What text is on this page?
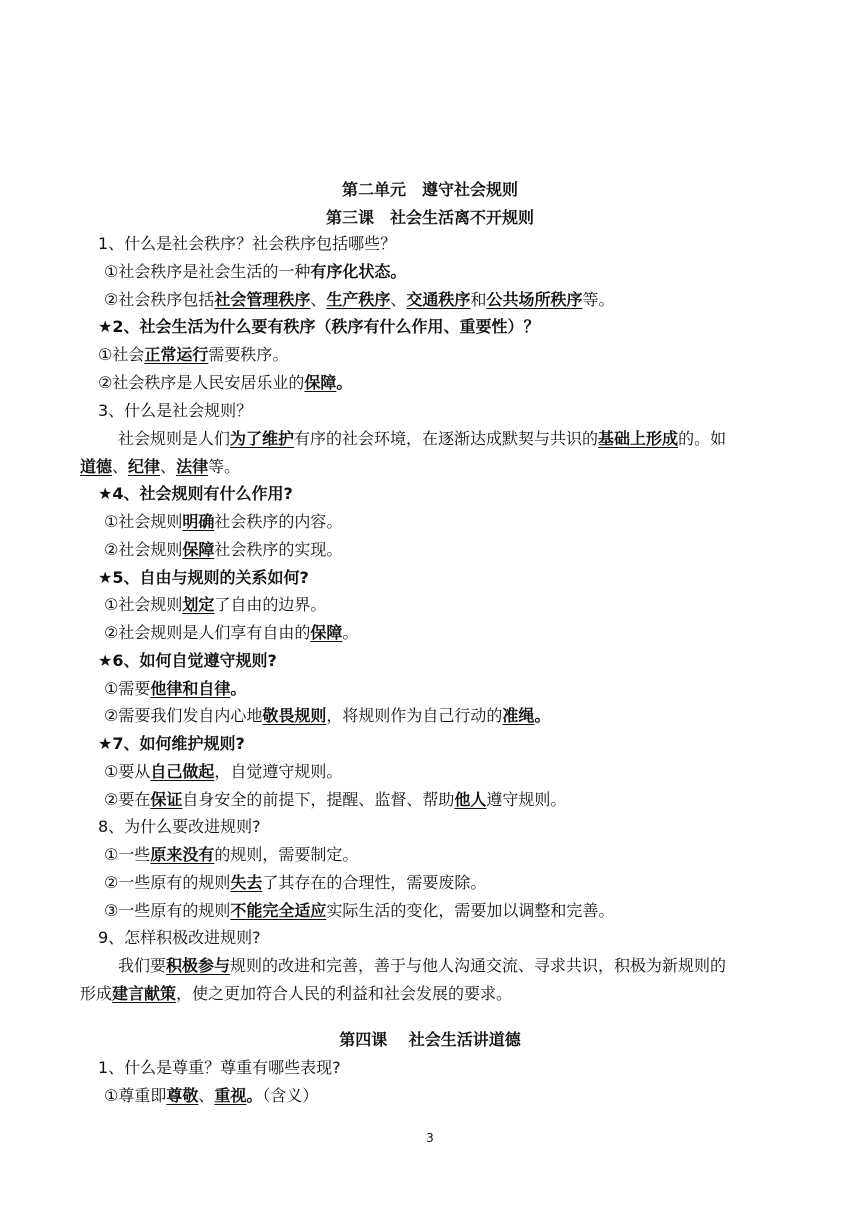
第二单元　遵守社会规则
第三课　社会生活离不开规则
第四课　 社会生活讲道德
1、什么是社会秩序？社会秩序包括哪些？
①社会秩序是社会生活的一种有序化状态。
②社会秩序包括社会管理秩序、生产秩序、交通秩序和公共场所秩序等。
★2、社会生活为什么要有秩序（秩序有什么作用、重要性）？
①社会正常运行需要秩序。
②社会秩序是人民安居乐业的保障。
3、什么是社会规则？
社会规则是人们为了维护有序的社会环境，在逐渐达成默契与共识的基础上形成的。如
道德、纪律、法律等。
★4、社会规则有什么作用?
①社会规则明确社会秩序的内容。
②社会规则保障社会秩序的实现。
★5、自由与规则的关系如何?
①社会规则划定了自由的边界。
②社会规则是人们享有自由的保障。
★6、如何自觉遵守规则?
①需要他律和自律。
②需要我们发自内心地敬畏规则，将规则作为自己行动的准绳。
★7、如何维护规则?
①要从自己做起，自觉遵守规则。
②要在保证自身安全的前提下，提醒、监督、帮助他人遵守规则。
8、为什么要改进规则?
①一些原来没有的规则，需要制定。
②一些原有的规则失去了其存在的合理性，需要废除。
③一些原有的规则不能完全适应实际生活的变化，需要加以调整和完善。
9、怎样积极改进规则?
我们要积极参与规则的改进和完善，善于与他人沟通交流、寻求共识，积极为新规则的
形成建言献策，使之更加符合人民的利益和社会发展的要求。
1、什么是尊重？尊重有哪些表现?
①尊重即尊敬、重视。（含义）
3
